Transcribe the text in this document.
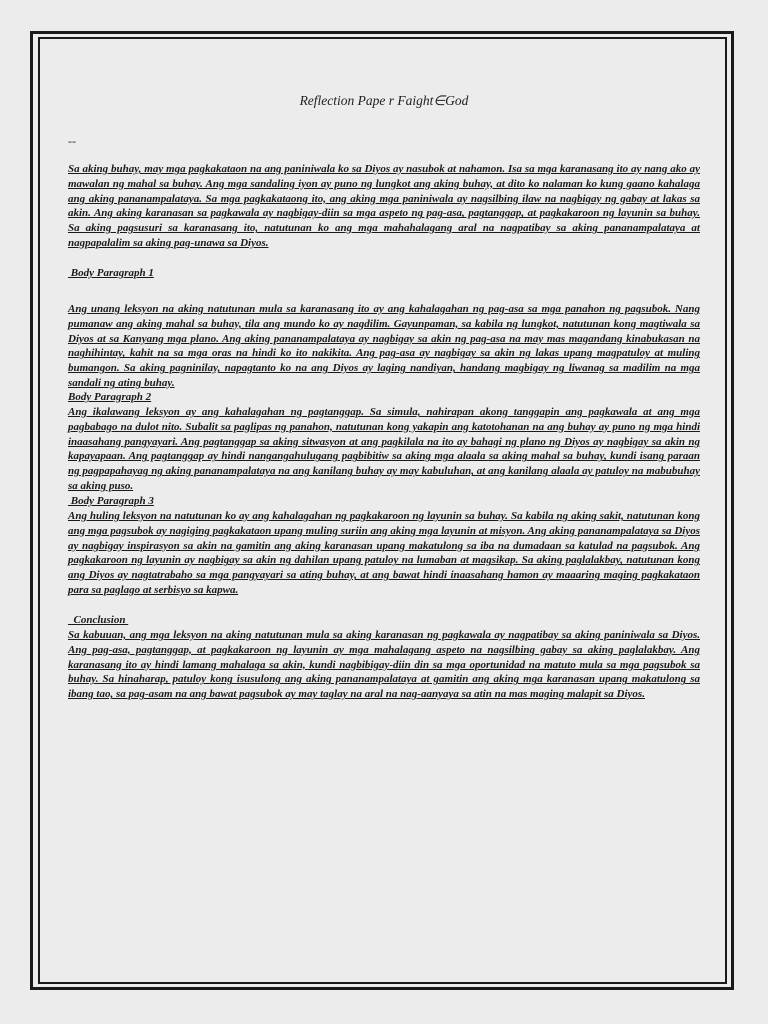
Reflection Pape r Faight∈God
--

Sa aking buhay, may mga pagkakataon na ang paniniwala ko sa Diyos ay nasubok at nahamon. Isa sa mga karanasang ito ay nang ako ay mawalan ng mahal sa buhay. Ang mga sandaling iyon ay puno ng lungkot ang aking buhay, at dito ko nalaman ko kung gaano kahalaga ang aking pananampalataya. Sa mga pagkakataong ito, ang aking mga paniniwala ay nagsilbing ilaw na nagbigay ng gabay at lakas sa akin. Ang aking karanasan sa pagkawala ay nagbigay-diin sa mga aspeto ng pag-asa, pagtanggap, at pagkakaroon ng layunin sa buhay. Sa aking pagsusuri sa karanasang ito, natutunan ko ang mga mahahalagang aral na nagpatibay sa aking pananampalataya at nagpapalalim sa aking pag-unawa sa Diyos.

Body Paragraph 1

Ang unang leksyon na aking natutunan mula sa karanasang ito ay ang kahalagahan ng pag-asa sa mga panahon ng pagsubok. Nang pumanaw ang aking mahal sa buhay, tila ang mundo ko ay nagdilim. Gayunpaman, sa kabila ng lungkot, natutunan kong magtiwala sa Diyos at sa Kanyang mga plano. Ang aking pananampalataya ay nagbigay sa akin ng pag-asa na may mas magandang kinabukasan na naghihintay, kahit na sa mga oras na hindi ko ito nakikita. Ang pag-asa ay nagbigay sa akin ng lakas upang magpatuloy at muling bumangon. Sa aking pagninilay, napagtanto ko na ang Diyos ay laging nandiyan, handang magbigay ng liwanag sa madilim na mga sandali ng ating buhay.

Body Paragraph 2

Ang ikalawang leksyon ay ang kahalagahan ng pagtanggap. Sa simula, nahirapan akong tanggapin ang pagkawala at ang mga pagbabago na dulot nito. Subalit sa paglipas ng panahon, natutunan kong yakapin ang katotohanan na ang buhay ay puno ng mga hindi inaasahang pangyayari. Ang pagtanggap sa aking sitwasyon at ang pagkilala na ito ay bahagi ng plano ng Diyos ay nagbigay sa akin ng kapayapaan. Ang pagtanggap ay hindi nangangahulugang pagbibitiw sa aking mga alaala sa aking mahal sa buhay, kundi isang paraan ng pagpapahayag ng aking pananampalataya na ang kanilang buhay ay may kabuluhan, at ang kanilang alaala ay patuloy na mabubuhay sa aking puso.

Body Paragraph 3

Ang huling leksyon na natutunan ko ay ang kahalagahan ng pagkakaroon ng layunin sa buhay. Sa kabila ng aking sakit, natutunan kong ang mga pagsubok ay nagiging pagkakataon upang muling suriin ang aking mga layunin at misyon. Ang aking pananampalataya sa Diyos ay nagbigay inspirasyon sa akin na gamitin ang aking karanasan upang makatulong sa iba na dumadaan sa katulad na pagsubok. Ang pagkakaroon ng layunin ay nagbigay sa akin ng dahilan upang patuloy na lumaban at magsikap. Sa aking paglalakbay, natutunan kong ang Diyos ay nagtatrabaho sa mga pangyayari sa ating buhay, at ang bawat hindi inaasahang hamon ay maaaring maging pagkakataon para sa paglago at serbisyo sa kapwa.

Conclusion

Sa kabuuan, ang mga leksyon na aking natutunan mula sa aking karanasan ng pagkawala ay nagpatibay sa aking paniniwala sa Diyos. Ang pag-asa, pagtanggap, at pagkakaroon ng layunin ay mga mahalagang aspeto na nagsilbing gabay sa aking paglalakbay. Ang karanasang ito ay hindi lamang mahalaga sa akin, kundi nagbibigay-diin din sa mga oportunidad na matuto mula sa mga pagsubok sa buhay. Sa hinaharap, patuloy kong isusulong ang aking pananampalataya at gamitin ang aking mga karanasan upang makatulong sa ibang tao, sa pag-asam na ang bawat pagsubok ay may taglay na aral na nag-aanyaya sa atin na mas maging malapit sa Diyos.
